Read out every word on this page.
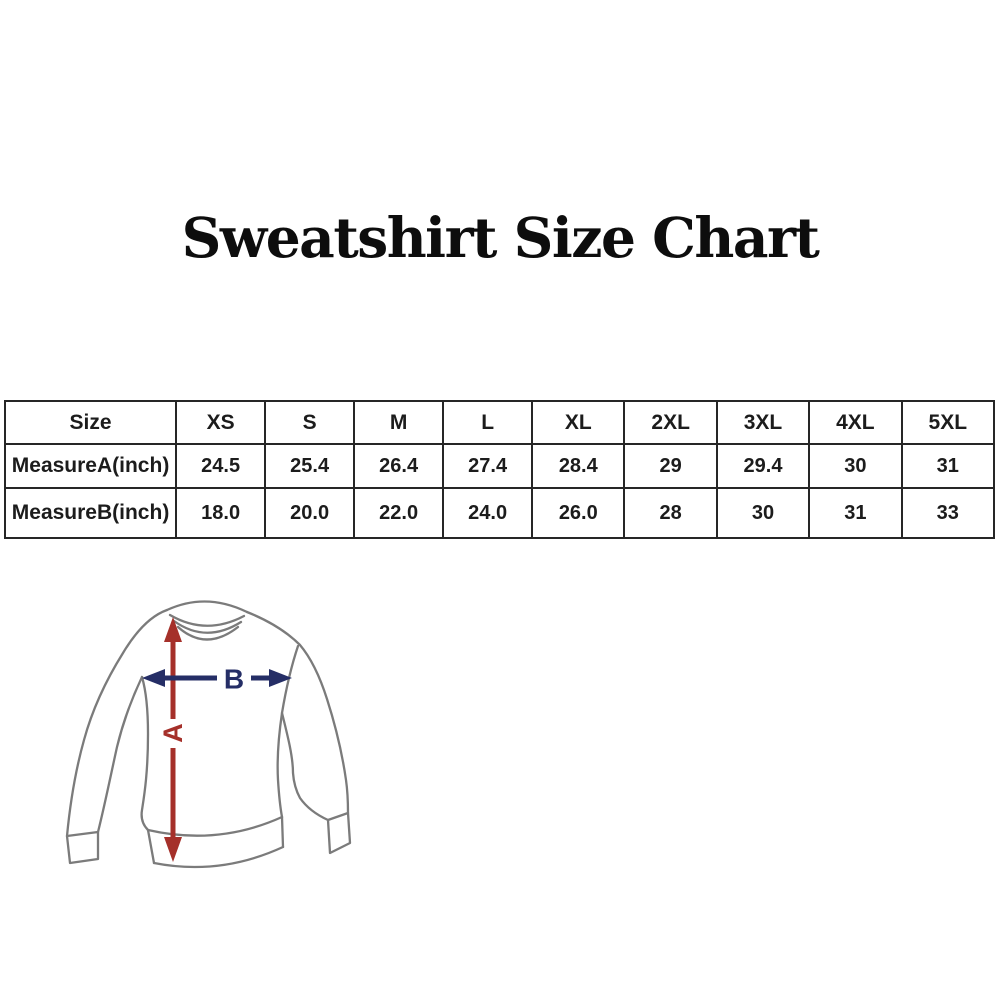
Sweatshirt Size Chart
Size	XS	S	M	L	XL	2XL	3XL	4XL	5XL
MeasureA(inch)	24.5	25.4	26.4	27.4	28.4	29	29.4	30	31
MeasureB(inch)	18.0	20.0	22.0	24.0	26.0	28	30	31	33
A
B
